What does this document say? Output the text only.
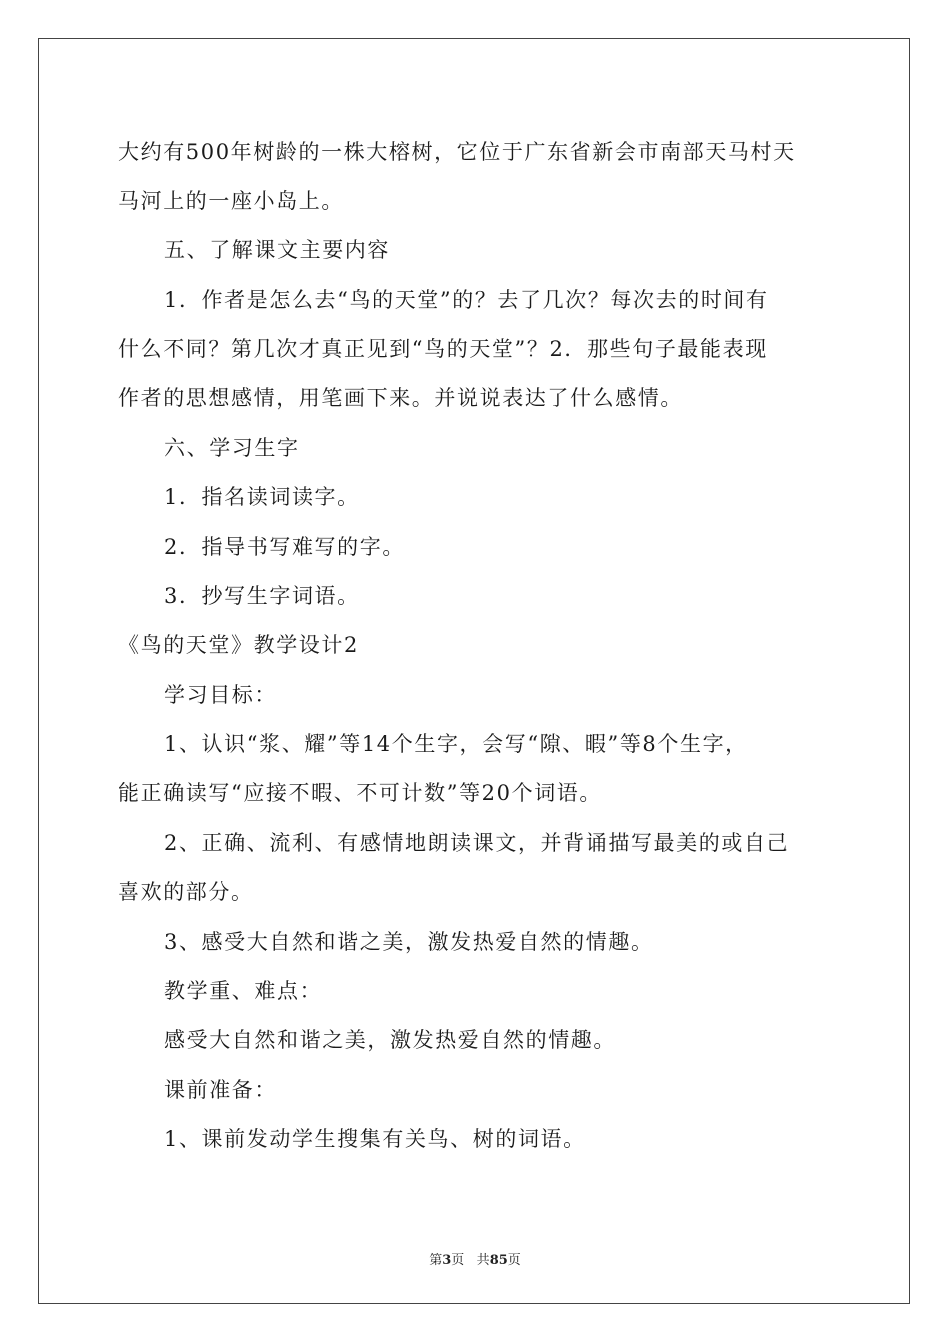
大约有500年树龄的一株大榕树，它位于广东省新会市南部天马村天

马河上的一座小岛上。

五、了解课文主要内容

1．作者是怎么去“鸟的天堂”的？去了几次？每次去的时间有

什么不同？第几次才真正见到“鸟的天堂”？2．那些句子最能表现

作者的思想感情，用笔画下来。并说说表达了什么感情。

六、学习生字

1．指名读词读字。

2．指导书写难写的字。

3．抄写生字词语。

《鸟的天堂》教学设计2

学习目标：

1、认识“浆、耀”等14个生字，会写“隙、暇”等8个生字，

能正确读写“应接不暇、不可计数”等20个词语。

2、正确、流利、有感情地朗读课文，并背诵描写最美的或自己

喜欢的部分。

3、感受大自然和谐之美，激发热爱自然的情趣。

教学重、难点：

感受大自然和谐之美，激发热爱自然的情趣。

课前准备：

1、课前发动学生搜集有关鸟、树的词语。

第3页 共85页
